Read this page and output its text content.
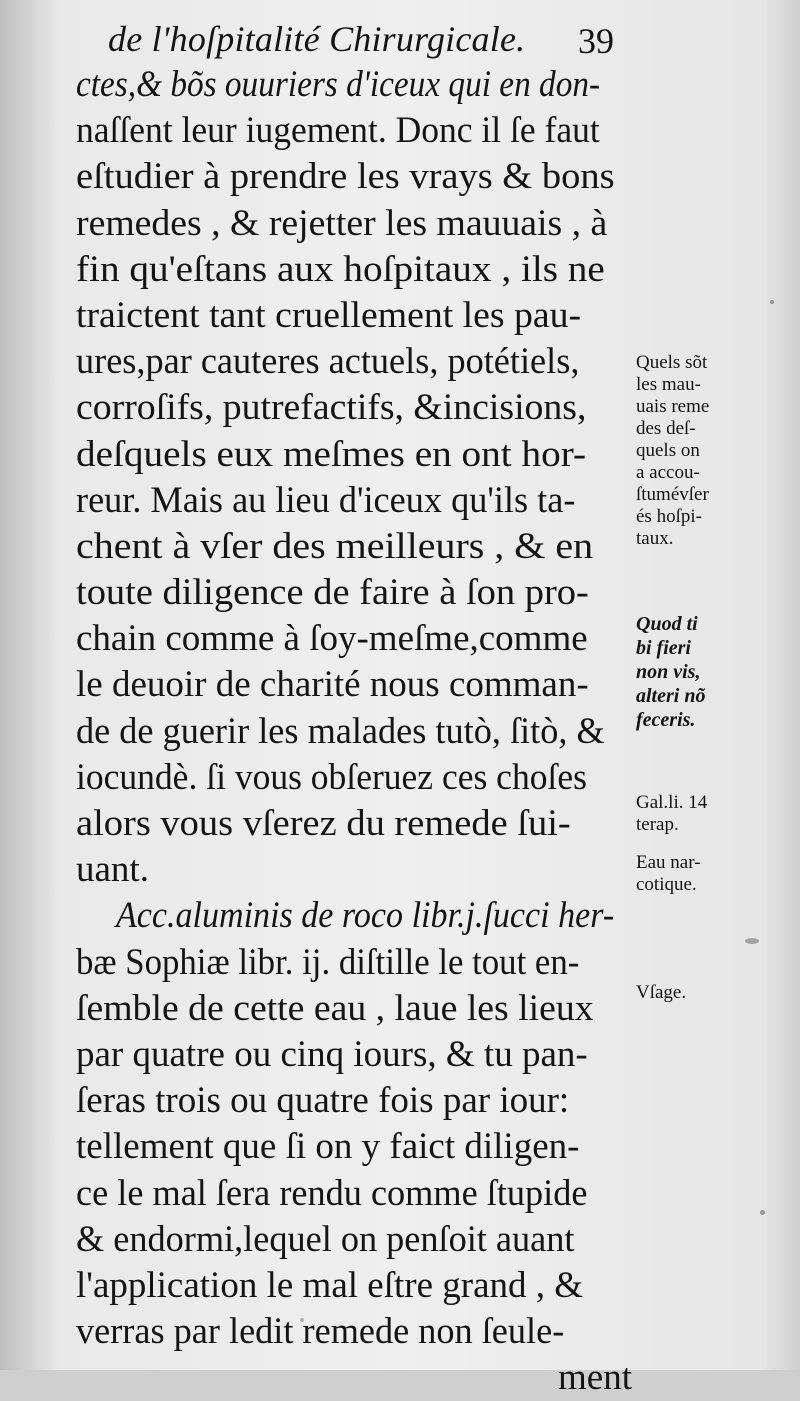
de l'hoſpitalité Chirurgicale.	39
ctes,& bõs ouuriers d'iceux qui en don-
naſſent leur iugement. Donc il ſe faut
eſtudier à prendre les vrays & bons
remedes , & rejetter les mauuais , à
fin qu'eſtans aux hoſpitaux , ils ne
traictent tant cruellement les pau-
ures,par cauteres actuels, potétiels,
corroſifs, putrefactifs, &incisions,
deſquels eux meſmes en ont hor-
reur. Mais au lieu d'iceux qu'ils ta-
chent à vſer des meilleurs , & en
toute diligence de faire à ſon pro-
chain comme à ſoy-meſme,comme
le deuoir de charité nous comman-
de de guerir les malades tutò, ſitò, &
iocundè. ſi vous obſeruez ces choſes
alors vous vſerez du remede ſui-
uant.
Acc.aluminis de roco libr.j.ſucci her-
bæ Sophiæ libr. ij. diſtille le tout en-
ſemble de cette eau , laue les lieux
par quatre ou cinq iours, & tu pan-
ſeras trois ou quatre fois par iour:
tellement que ſi on y faict diligen-
ce le mal ſera rendu comme ſtupide
& endormi,lequel on penſoit auant
l'application le mal eſtre grand , &
verras par ledit remede non ſeule-
ment
Quels sõt
les mau-
uais reme
des deſ-
quels on
a accou-
ſtumévſer
és hoſpi-
taux.
Quod ti
bi fieri
non vis,
alteri nõ
feceris.
Gal.li. 14
terap.
Eau nar-
cotique.
Vſage.
